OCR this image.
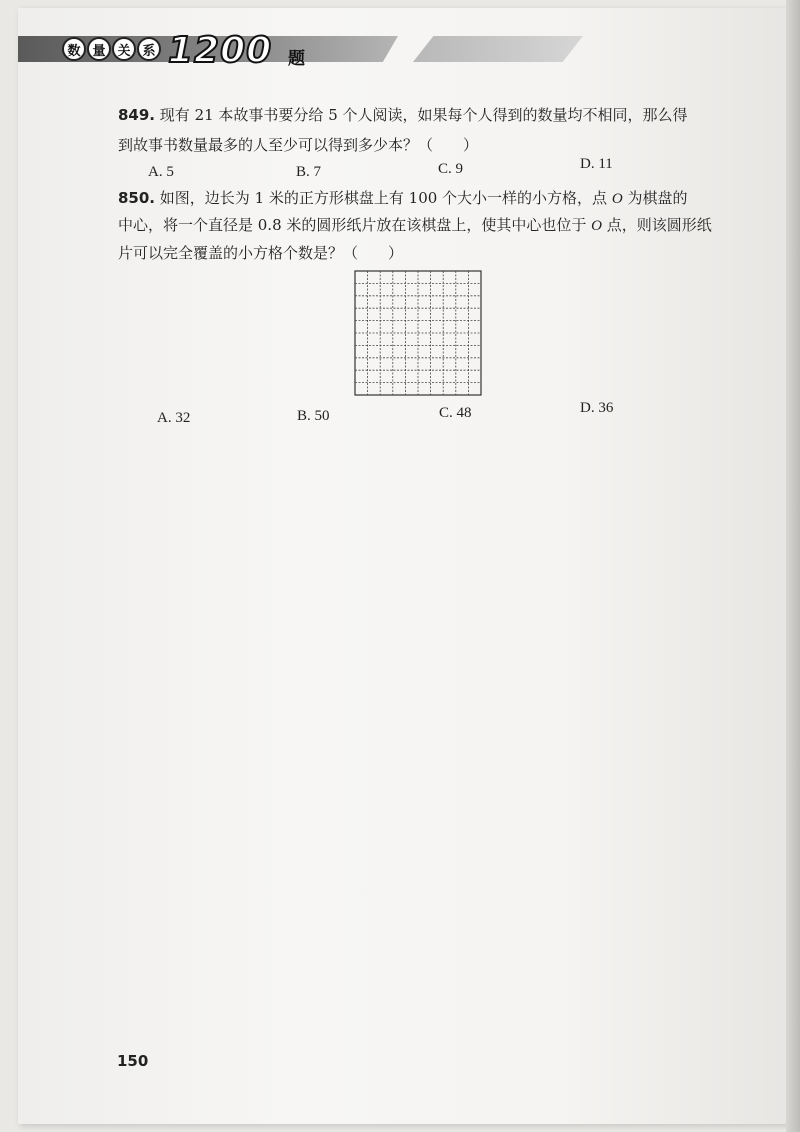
数 量 关 系 1200 题
849. 现有 21 本故事书要分给 5 个人阅读，如果每个人得到的数量均不相同，那么得
到故事书数量最多的人至少可以得到多少本？（　　）
A. 5	B. 7	C. 9	D. 11
850. 如图，边长为 1 米的正方形棋盘上有 100 个大小一样的小方格，点 O 为棋盘的
中心，将一个直径是 0.8 米的圆形纸片放在该棋盘上，使其中心也位于 O 点，则该圆形纸
片可以完全覆盖的小方格个数是？（　　）
A. 32	B. 50	C. 48	D. 36
150
